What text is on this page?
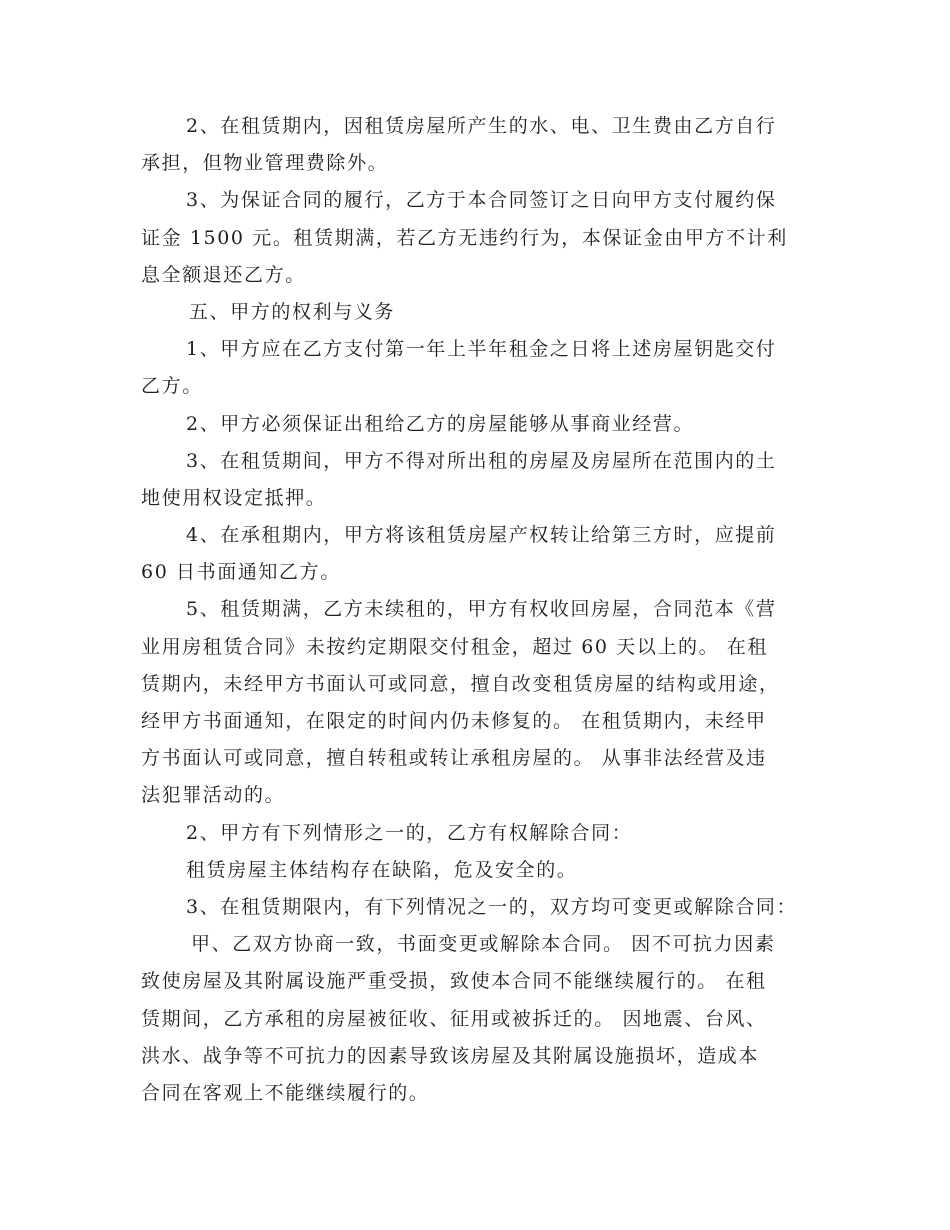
2、在租赁期内，因租赁房屋所产生的水、电、卫生费由乙方自行
承担，但物业管理费除外。
3、为保证合同的履行，乙方于本合同签订之日向甲方支付履约保
证金 1500 元。租赁期满，若乙方无违约行为，本保证金由甲方不计利
息全额退还乙方。
五、甲方的权利与义务
1、甲方应在乙方支付第一年上半年租金之日将上述房屋钥匙交付
乙方。
2、甲方必须保证出租给乙方的房屋能够从事商业经营。
3、在租赁期间，甲方不得对所出租的房屋及房屋所在范围内的土
地使用权设定抵押。
4、在承租期内，甲方将该租赁房屋产权转让给第三方时，应提前
60 日书面通知乙方。
5、租赁期满，乙方未续租的，甲方有权收回房屋，合同范本《营
业用房租赁合同》未按约定期限交付租金，超过 60 天以上的。 在租
赁期内，未经甲方书面认可或同意，擅自改变租赁房屋的结构或用途，
经甲方书面通知，在限定的时间内仍未修复的。 在租赁期内，未经甲
方书面认可或同意，擅自转租或转让承租房屋的。 从事非法经营及违
法犯罪活动的。
2、甲方有下列情形之一的，乙方有权解除合同：
租赁房屋主体结构存在缺陷，危及安全的。
3、在租赁期限内，有下列情况之一的，双方均可变更或解除合同：
甲、乙双方协商一致，书面变更或解除本合同。 因不可抗力因素
致使房屋及其附属设施严重受损，致使本合同不能继续履行的。 在租
赁期间，乙方承租的房屋被征收、征用或被拆迁的。 因地震、台风、
洪水、战争等不可抗力的因素导致该房屋及其附属设施损坏，造成本
合同在客观上不能继续履行的。
